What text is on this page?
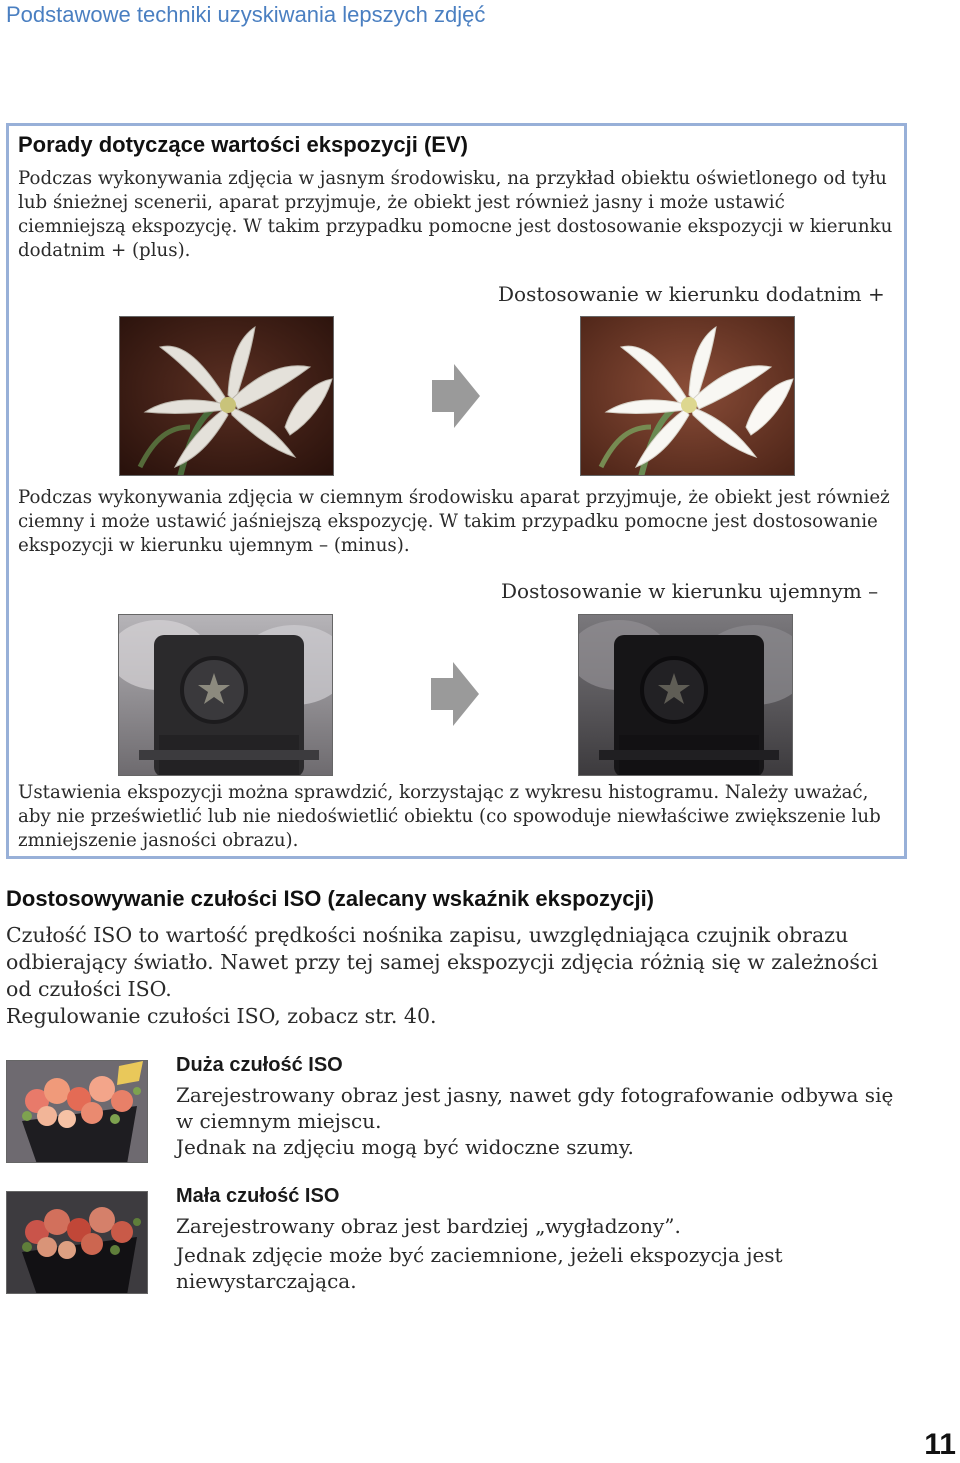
Podstawowe techniki uzyskiwania lepszych zdjęć
Porady dotyczące wartości ekspozycji (EV)
Podczas wykonywania zdjęcia w jasnym środowisku, na przykład obiektu oświetlonego od tyłu lub śnieżnej scenerii, aparat przyjmuje, że obiekt jest również jasny i może ustawić ciemniejszą ekspozycję. W takim przypadku pomocne jest dostosowanie ekspozycji w kierunku dodatnim + (plus).
Dostosowanie w kierunku dodatnim +
Podczas wykonywania zdjęcia w ciemnym środowisku aparat przyjmuje, że obiekt jest również ciemny i może ustawić jaśniejszą ekspozycję. W takim przypadku pomocne jest dostosowanie ekspozycji w kierunku ujemnym – (minus).
Dostosowanie w kierunku ujemnym –
Ustawienia ekspozycji można sprawdzić, korzystając z wykresu histogramu. Należy uważać, aby nie prześwietlić lub nie niedoświetlić obiektu (co spowoduje niewłaściwe zwiększenie lub zmniejszenie jasności obrazu).
Dostosowywanie czułości ISO (zalecany wskaźnik ekspozycji)
Czułość ISO to wartość prędkości nośnika zapisu, uwzględniająca czujnik obrazu odbierający światło. Nawet przy tej samej ekspozycji zdjęcia różnią się w zależności od czułości ISO.
Regulowanie czułości ISO, zobacz str. 40.
Duża czułość ISO
Zarejestrowany obraz jest jasny, nawet gdy fotografowanie odbywa się w ciemnym miejscu.
Jednak na zdjęciu mogą być widoczne szumy.
Mała czułość ISO
Zarejestrowany obraz jest bardziej „wygładzony”.
Jednak zdjęcie może być zaciemnione, jeżeli ekspozycja jest niewystarczająca.
11
